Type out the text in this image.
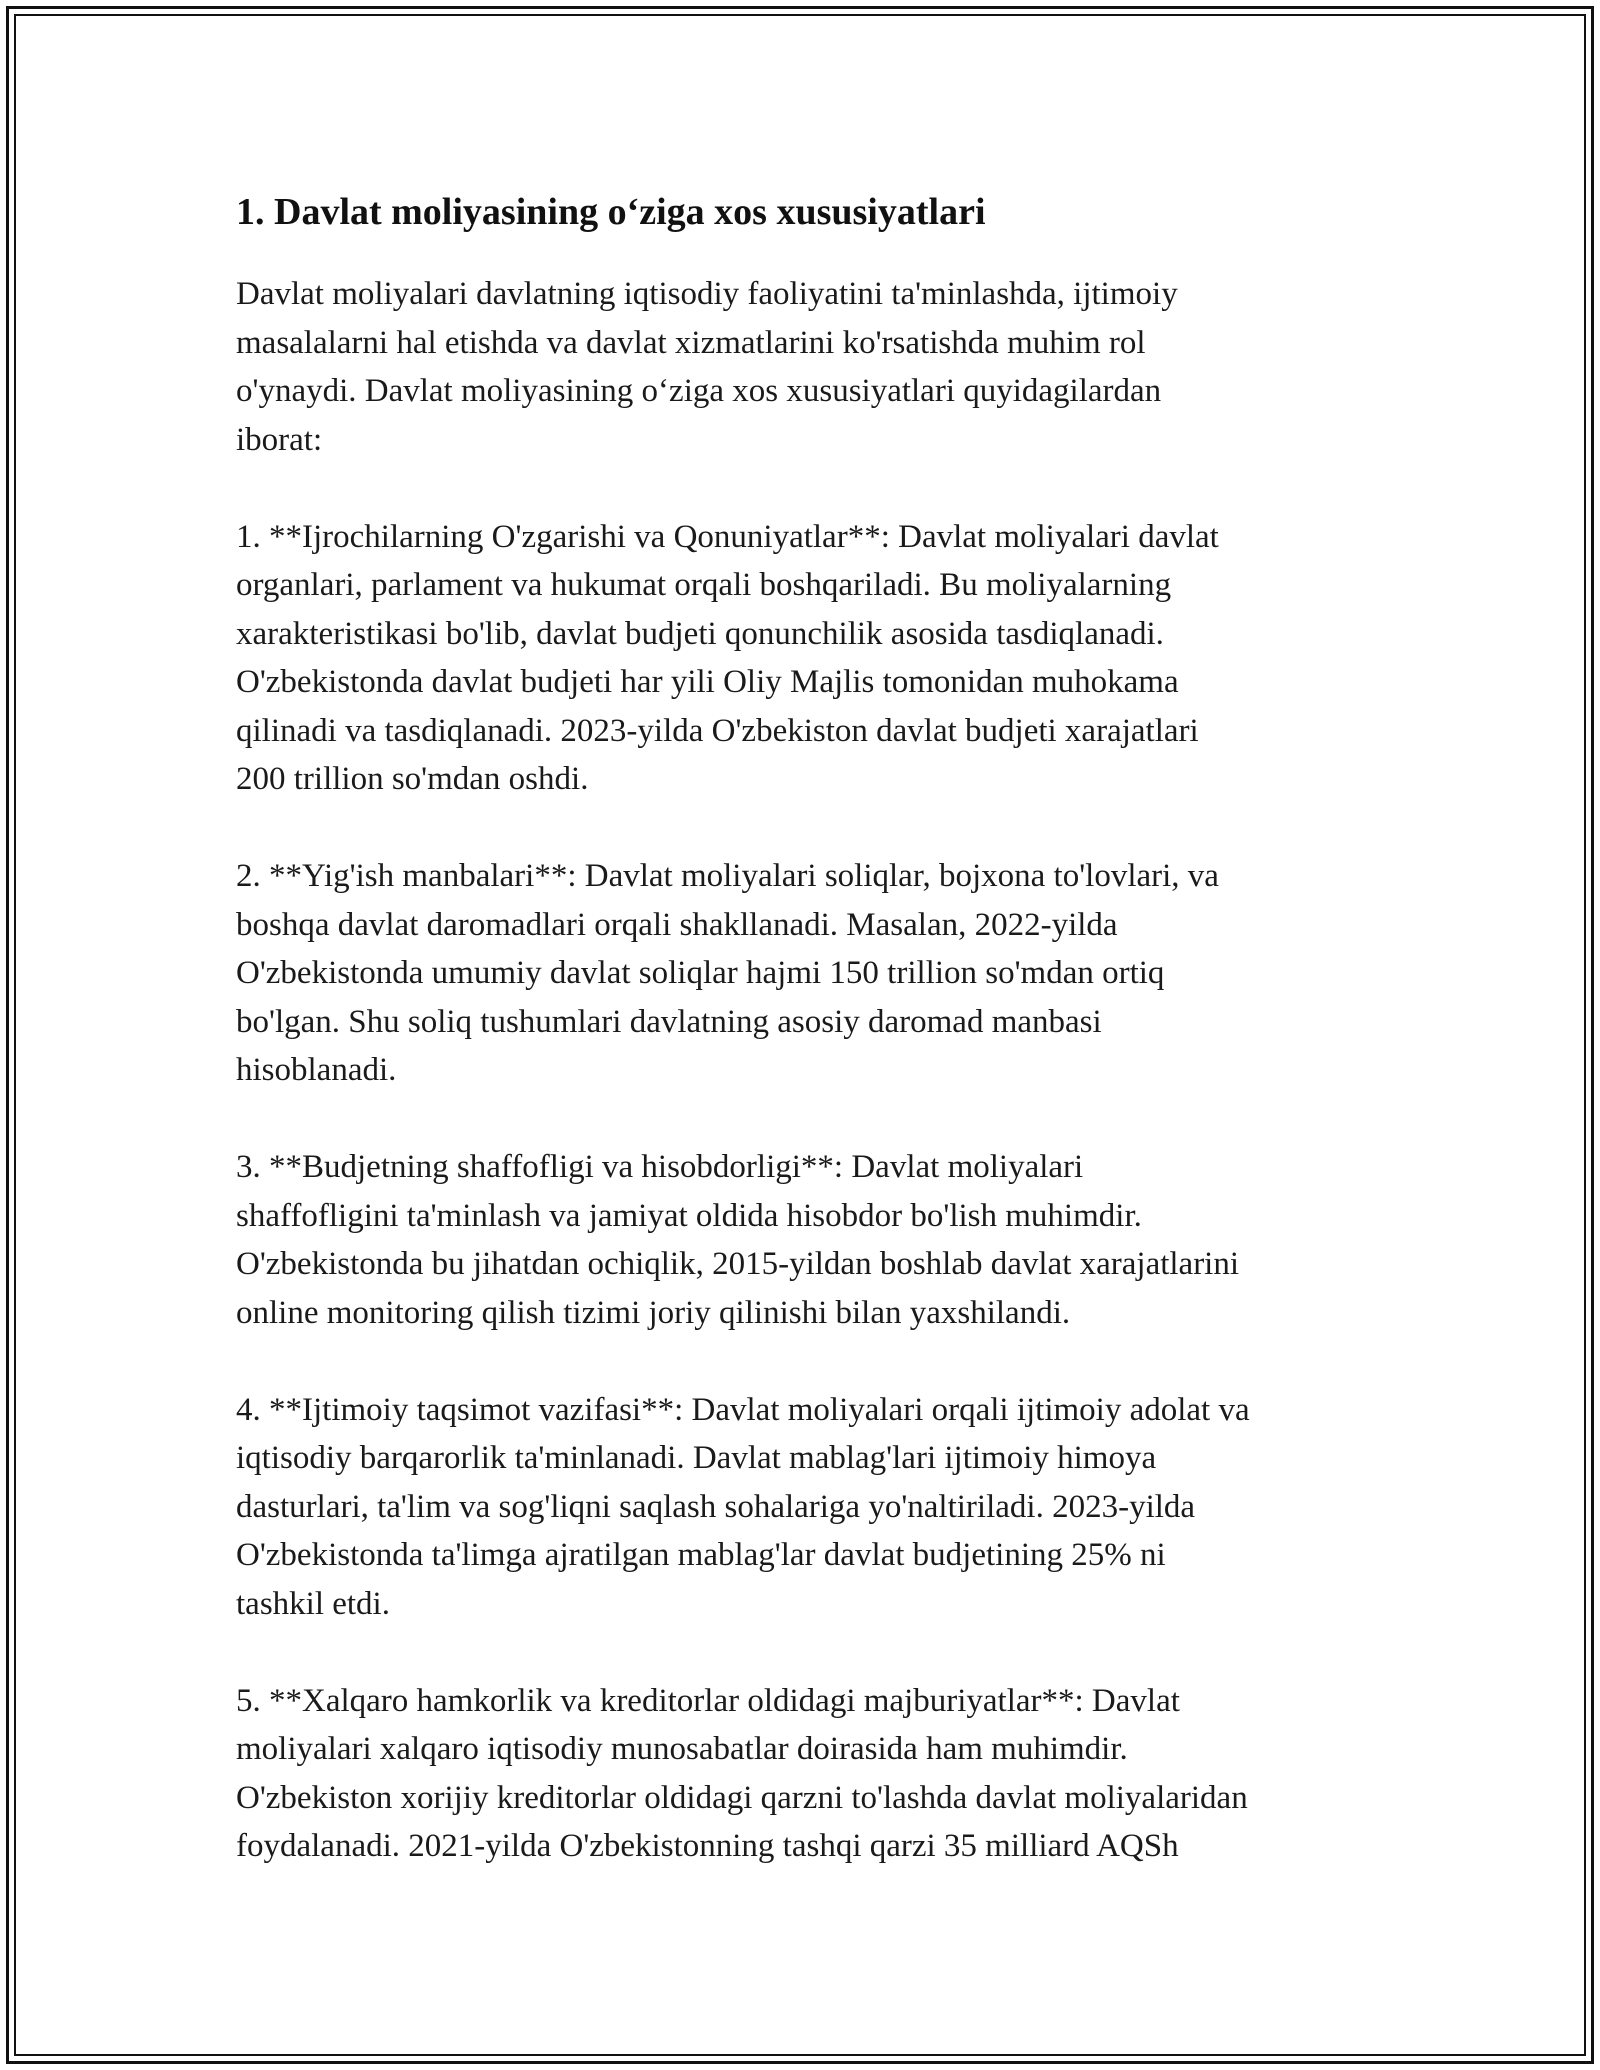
1. Davlat moliyasining o‘ziga xos xususiyatlari
Davlat moliyalari davlatning iqtisodiy faoliyatini ta'minlashda, ijtimoiy
masalalarni hal etishda va davlat xizmatlarini ko'rsatishda muhim rol
o'ynaydi. Davlat moliyasining o‘ziga xos xususiyatlari quyidagilardan
iborat:
1. **Ijrochilarning O'zgarishi va Qonuniyatlar**: Davlat moliyalari davlat
organlari, parlament va hukumat orqali boshqariladi. Bu moliyalarning
xarakteristikasi bo'lib, davlat budjeti qonunchilik asosida tasdiqlanadi.
O'zbekistonda davlat budjeti har yili Oliy Majlis tomonidan muhokama
qilinadi va tasdiqlanadi. 2023-yilda O'zbekiston davlat budjeti xarajatlari
200 trillion so'mdan oshdi.
2. **Yig'ish manbalari**: Davlat moliyalari soliqlar, bojxona to'lovlari, va
boshqa davlat daromadlari orqali shakllanadi. Masalan, 2022-yilda
O'zbekistonda umumiy davlat soliqlar hajmi 150 trillion so'mdan ortiq
bo'lgan. Shu soliq tushumlari davlatning asosiy daromad manbasi
hisoblanadi.
3. **Budjetning shaffofligi va hisobdorligi**: Davlat moliyalari
shaffofligini ta'minlash va jamiyat oldida hisobdor bo'lish muhimdir.
O'zbekistonda bu jihatdan ochiqlik, 2015-yildan boshlab davlat xarajatlarini
online monitoring qilish tizimi joriy qilinishi bilan yaxshilandi.
4. **Ijtimoiy taqsimot vazifasi**: Davlat moliyalari orqali ijtimoiy adolat va
iqtisodiy barqarorlik ta'minlanadi. Davlat mablag'lari ijtimoiy himoya
dasturlari, ta'lim va sog'liqni saqlash sohalariga yo'naltiriladi. 2023-yilda
O'zbekistonda ta'limga ajratilgan mablag'lar davlat budjetining 25% ni
tashkil etdi.
5. **Xalqaro hamkorlik va kreditorlar oldidagi majburiyatlar**: Davlat
moliyalari xalqaro iqtisodiy munosabatlar doirasida ham muhimdir.
O'zbekiston xorijiy kreditorlar oldidagi qarzni to'lashda davlat moliyalaridan
foydalanadi. 2021-yilda O'zbekistonning tashqi qarzi 35 milliard AQSh
